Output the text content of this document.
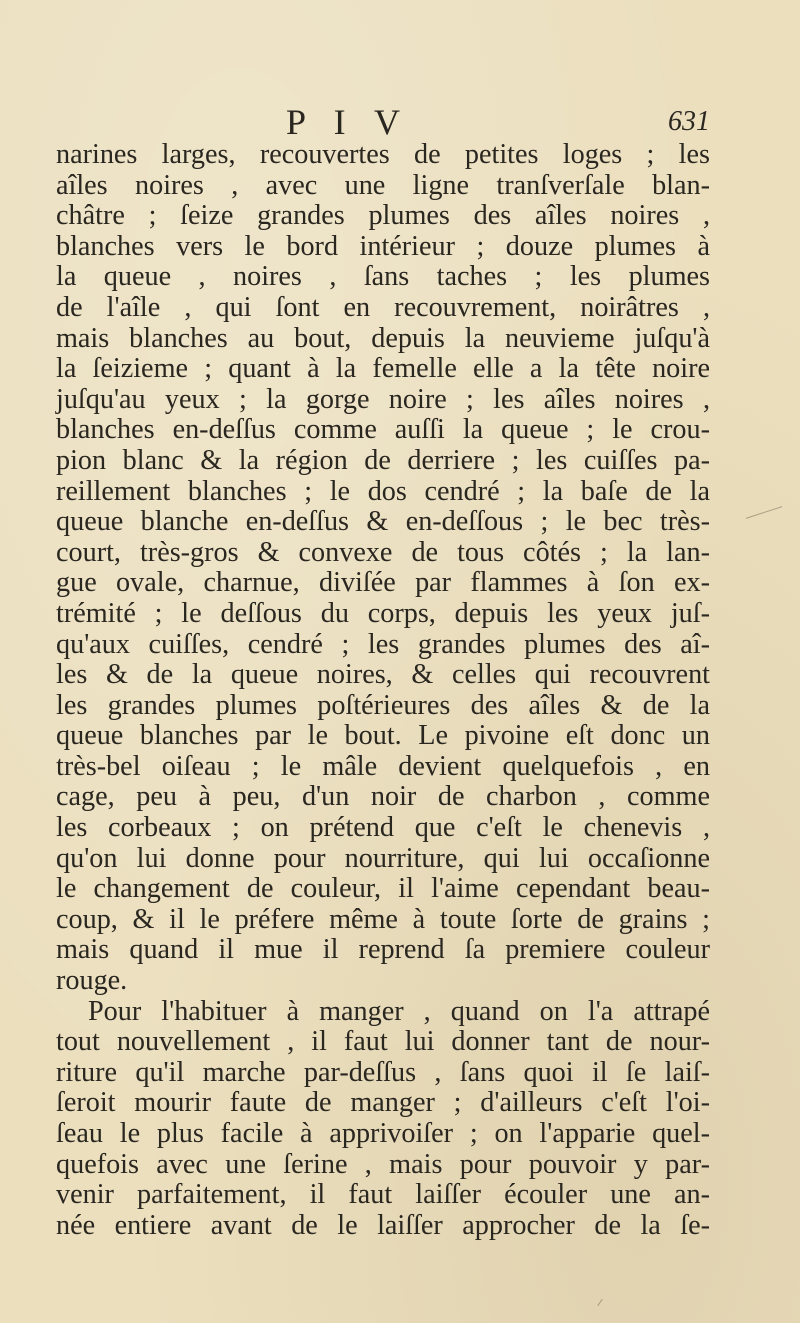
P I V	631
narines larges, recouvertes de petites loges ; les
aîles noires , avec une ligne tranſverſale blan-
châtre ; ſeize grandes plumes des aîles noires ,
blanches vers le bord intérieur ; douze plumes à
la queue , noires , ſans taches ; les plumes
de l'aîle , qui ſont en recouvrement, noirâtres ,
mais blanches au bout, depuis la neuvieme juſqu'à
la ſeizieme ; quant à la femelle elle a la tête noire
juſqu'au yeux ; la gorge noire ; les aîles noires ,
blanches en-deſſus comme auſſi la queue ; le crou-
pion blanc & la région de derriere ; les cuiſſes pa-
reillement blanches ; le dos cendré ; la baſe de la
queue blanche en-deſſus & en-deſſous ; le bec très-
court, très-gros & convexe de tous côtés ; la lan-
gue ovale, charnue, diviſée par flammes à ſon ex-
trémité ; le deſſous du corps, depuis les yeux juſ-
qu'aux cuiſſes, cendré ; les grandes plumes des aî-
les & de la queue noires, & celles qui recouvrent
les grandes plumes poſtérieures des aîles & de la
queue blanches par le bout. Le pivoine eſt donc un
très-bel oiſeau ; le mâle devient quelquefois , en
cage, peu à peu, d'un noir de charbon , comme
les corbeaux ; on prétend que c'eſt le chenevis ,
qu'on lui donne pour nourriture, qui lui occaſionne
le changement de couleur, il l'aime cependant beau-
coup, & il le préfere même à toute ſorte de grains ;
mais quand il mue il reprend ſa premiere couleur
rouge.
Pour l'habituer à manger , quand on l'a attrapé
tout nouvellement , il faut lui donner tant de nour-
riture qu'il marche par-deſſus , ſans quoi il ſe laiſ-
ſeroit mourir faute de manger ; d'ailleurs c'eſt l'oi-
ſeau le plus facile à apprivoiſer ; on l'apparie quel-
quefois avec une ſerine , mais pour pouvoir y par-
venir parfaitement, il faut laiſſer écouler une an-
née entiere avant de le laiſſer approcher de la ſe-
